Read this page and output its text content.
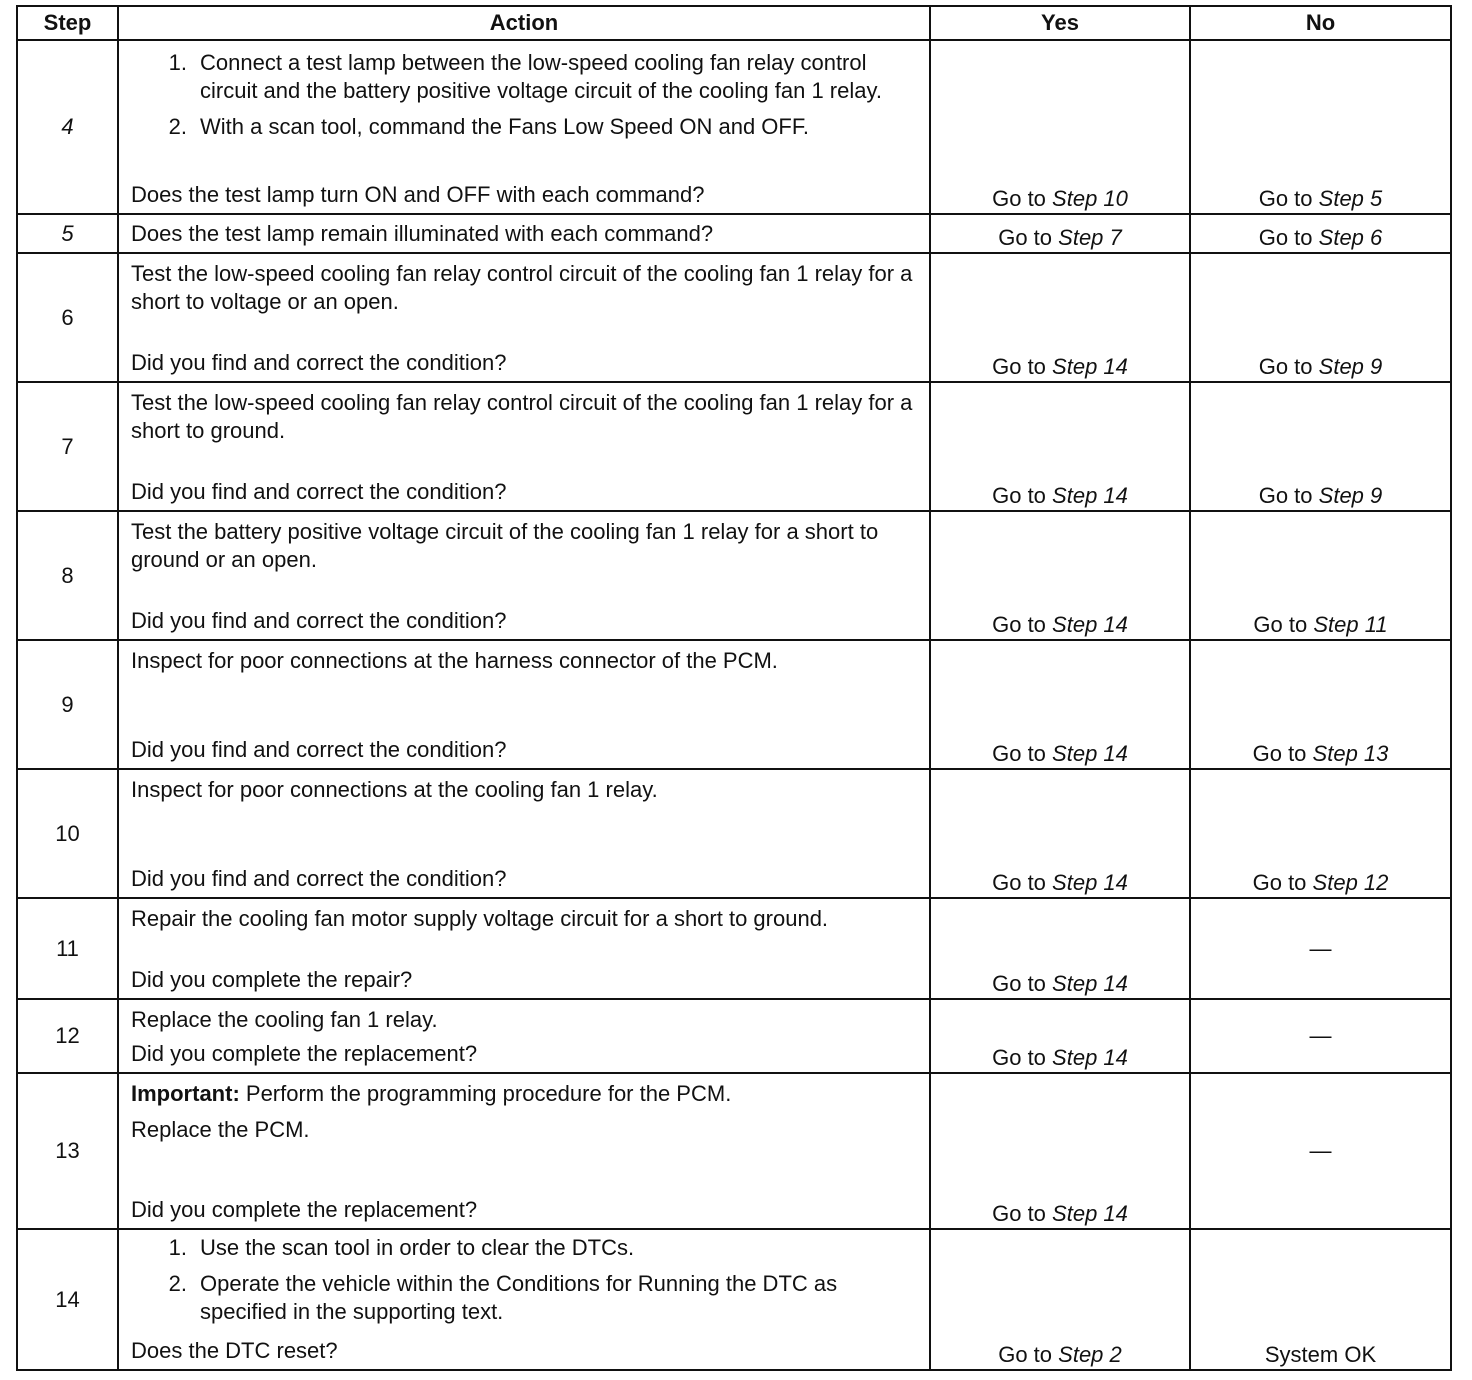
Step	Action	Yes	No
4	1. Connect a test lamp between the low-speed cooling fan relay control circuit and the battery positive voltage circuit of the cooling fan 1 relay.
2. With a scan tool, command the Fans Low Speed ON and OFF.
Does the test lamp turn ON and OFF with each command?	Go to Step 10	Go to Step 5
5	Does the test lamp remain illuminated with each command?	Go to Step 7	Go to Step 6
6	Test the low-speed cooling fan relay control circuit of the cooling fan 1 relay for a short to voltage or an open.
Did you find and correct the condition?	Go to Step 14	Go to Step 9
7	Test the low-speed cooling fan relay control circuit of the cooling fan 1 relay for a short to ground.
Did you find and correct the condition?	Go to Step 14	Go to Step 9
8	Test the battery positive voltage circuit of the cooling fan 1 relay for a short to ground or an open.
Did you find and correct the condition?	Go to Step 14	Go to Step 11
9	Inspect for poor connections at the harness connector of the PCM.
Did you find and correct the condition?	Go to Step 14	Go to Step 13
10	Inspect for poor connections at the cooling fan 1 relay.
Did you find and correct the condition?	Go to Step 14	Go to Step 12
11	Repair the cooling fan motor supply voltage circuit for a short to ground.
Did you complete the repair?	Go to Step 14	—
12	Replace the cooling fan 1 relay.
Did you complete the replacement?	Go to Step 14	—
13	Important: Perform the programming procedure for the PCM.
Replace the PCM.
Did you complete the replacement?	Go to Step 14	—
14	1. Use the scan tool in order to clear the DTCs.
2. Operate the vehicle within the Conditions for Running the DTC as specified in the supporting text.
Does the DTC reset?	Go to Step 2	System OK
